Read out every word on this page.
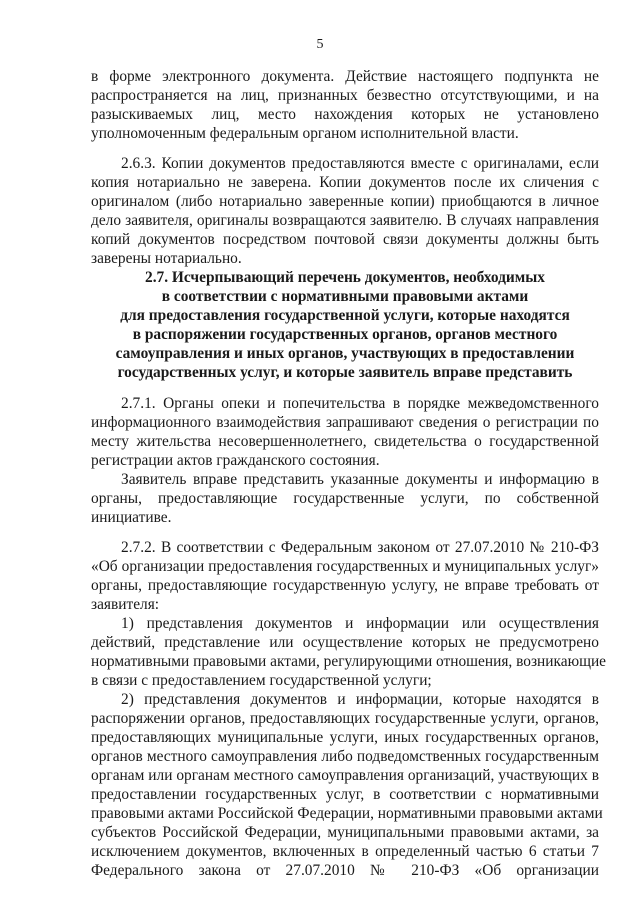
5
в форме электронного документа. Действие настоящего подпункта не
распространяется на лиц, признанных безвестно отсутствующими, и на
разыскиваемых лиц, место нахождения которых не установлено
уполномоченным федеральным органом исполнительной власти.
2.6.3. Копии документов предоставляются вместе с оригиналами, если
копия нотариально не заверена. Копии документов после их сличения с
оригиналом (либо нотариально заверенные копии) приобщаются в личное
дело заявителя, оригиналы возвращаются заявителю. В случаях направления
копий документов посредством почтовой связи документы должны быть
заверены нотариально.
2.7. Исчерпывающий перечень документов, необходимых
в соответствии с нормативными правовыми актами
для предоставления государственной услуги, которые находятся
в распоряжении государственных органов, органов местного
самоуправления и иных органов, участвующих в предоставлении
государственных услуг, и которые заявитель вправе представить
2.7.1. Органы опеки и попечительства в порядке межведомственного
информационного взаимодействия запрашивают сведения о регистрации по
месту жительства несовершеннолетнего, свидетельства о государственной
регистрации актов гражданского состояния.
Заявитель вправе представить указанные документы и информацию в
органы, предоставляющие государственные услуги, по собственной
инициативе.
2.7.2. В соответствии с Федеральным законом от 27.07.2010 № 210-ФЗ
«Об организации предоставления государственных и муниципальных услуг»
органы, предоставляющие государственную услугу, не вправе требовать от
заявителя:
1) представления документов и информации или осуществления
действий, представление или осуществление которых не предусмотрено
нормативными правовыми актами, регулирующими отношения, возникающие
в связи с предоставлением государственной услуги;
2) представления документов и информации, которые находятся в
распоряжении органов, предоставляющих государственные услуги, органов,
предоставляющих муниципальные услуги, иных государственных органов,
органов местного самоуправления либо подведомственных государственным
органам или органам местного самоуправления организаций, участвующих в
предоставлении государственных услуг, в соответствии с нормативными
правовыми актами Российской Федерации, нормативными правовыми актами
субъектов Российской Федерации, муниципальными правовыми актами, за
исключением документов, включенных в определенный частью 6 статьи 7
Федерального закона от 27.07.2010 № 210-ФЗ «Об организации
